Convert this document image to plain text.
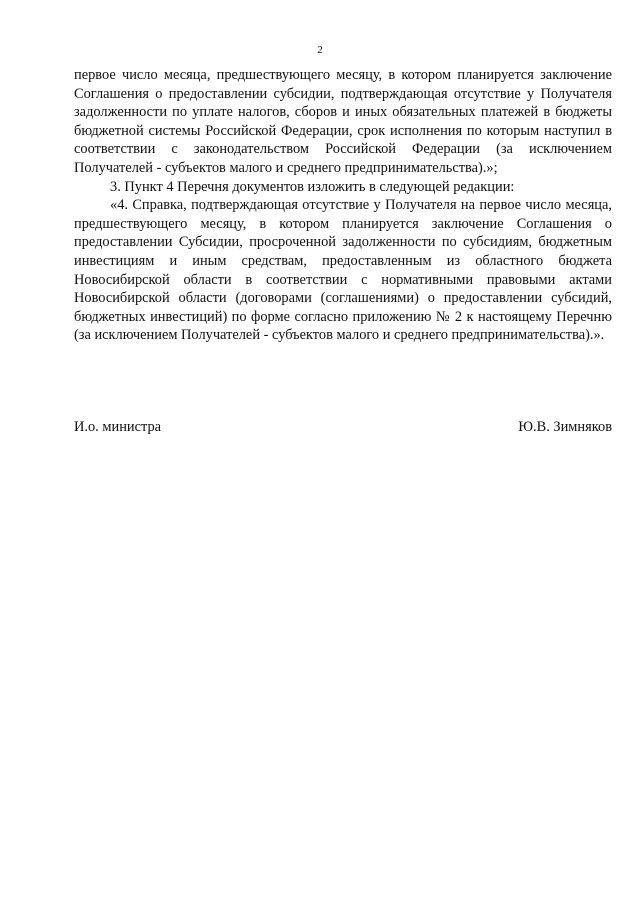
2

первое число месяца, предшествующего месяцу, в котором планируется заключение Соглашения о предоставлении субсидии, подтверждающая отсутствие у Получателя задолженности по уплате налогов, сборов и иных обязательных платежей в бюджеты бюджетной системы Российской Федерации, срок исполнения по которым наступил в соответствии с законодательством Российской Федерации (за исключением Получателей - субъектов малого и среднего предпринимательства).»;

3. Пункт 4 Перечня документов изложить в следующей редакции:

«4. Справка, подтверждающая отсутствие у Получателя на первое число месяца, предшествующего месяцу, в котором планируется заключение Соглашения о предоставлении Субсидии, просроченной задолженности по субсидиям, бюджетным инвестициям и иным средствам, предоставленным из областного бюджета Новосибирской области в соответствии с нормативными правовыми актами Новосибирской области (договорами (соглашениями) о предоставлении субсидий, бюджетных инвестиций) по форме согласно приложению № 2 к настоящему Перечню (за исключением Получателей - субъектов малого и среднего предпринимательства).».

И.о. министра	Ю.В. Зимняков
